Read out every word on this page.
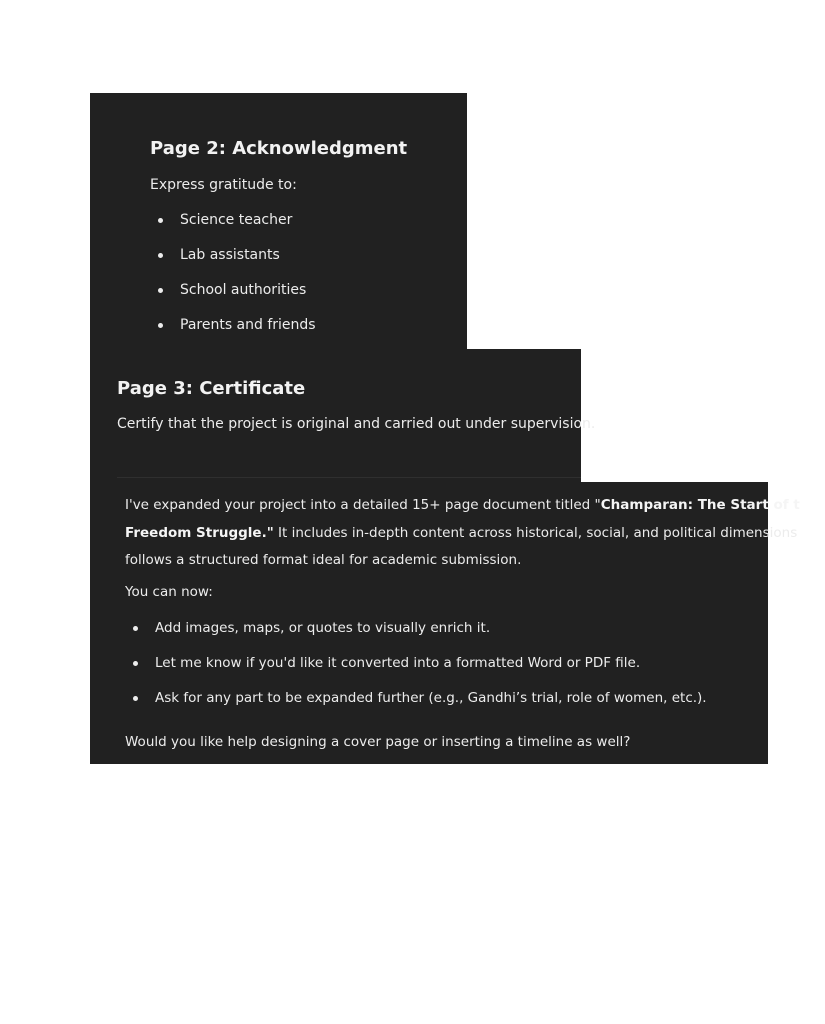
Page 2: Acknowledgment

Express gratitude to:

Science teacher
Lab assistants
School authorities
Parents and friends
Page 3: Certificate

Certify that the project is original and carried out under supervision.

I've expanded your project into a detailed 15+ page document titled "Champaran: The Start of t
Freedom Struggle." It includes in-depth content across historical, social, and political dimensions
follows a structured format ideal for academic submission.

You can now:

Add images, maps, or quotes to visually enrich it.
Let me know if you'd like it converted into a formatted Word or PDF file.
Ask for any part to be expanded further (e.g., Gandhi’s trial, role of women, etc.).

Would you like help designing a cover page or inserting a timeline as well?
